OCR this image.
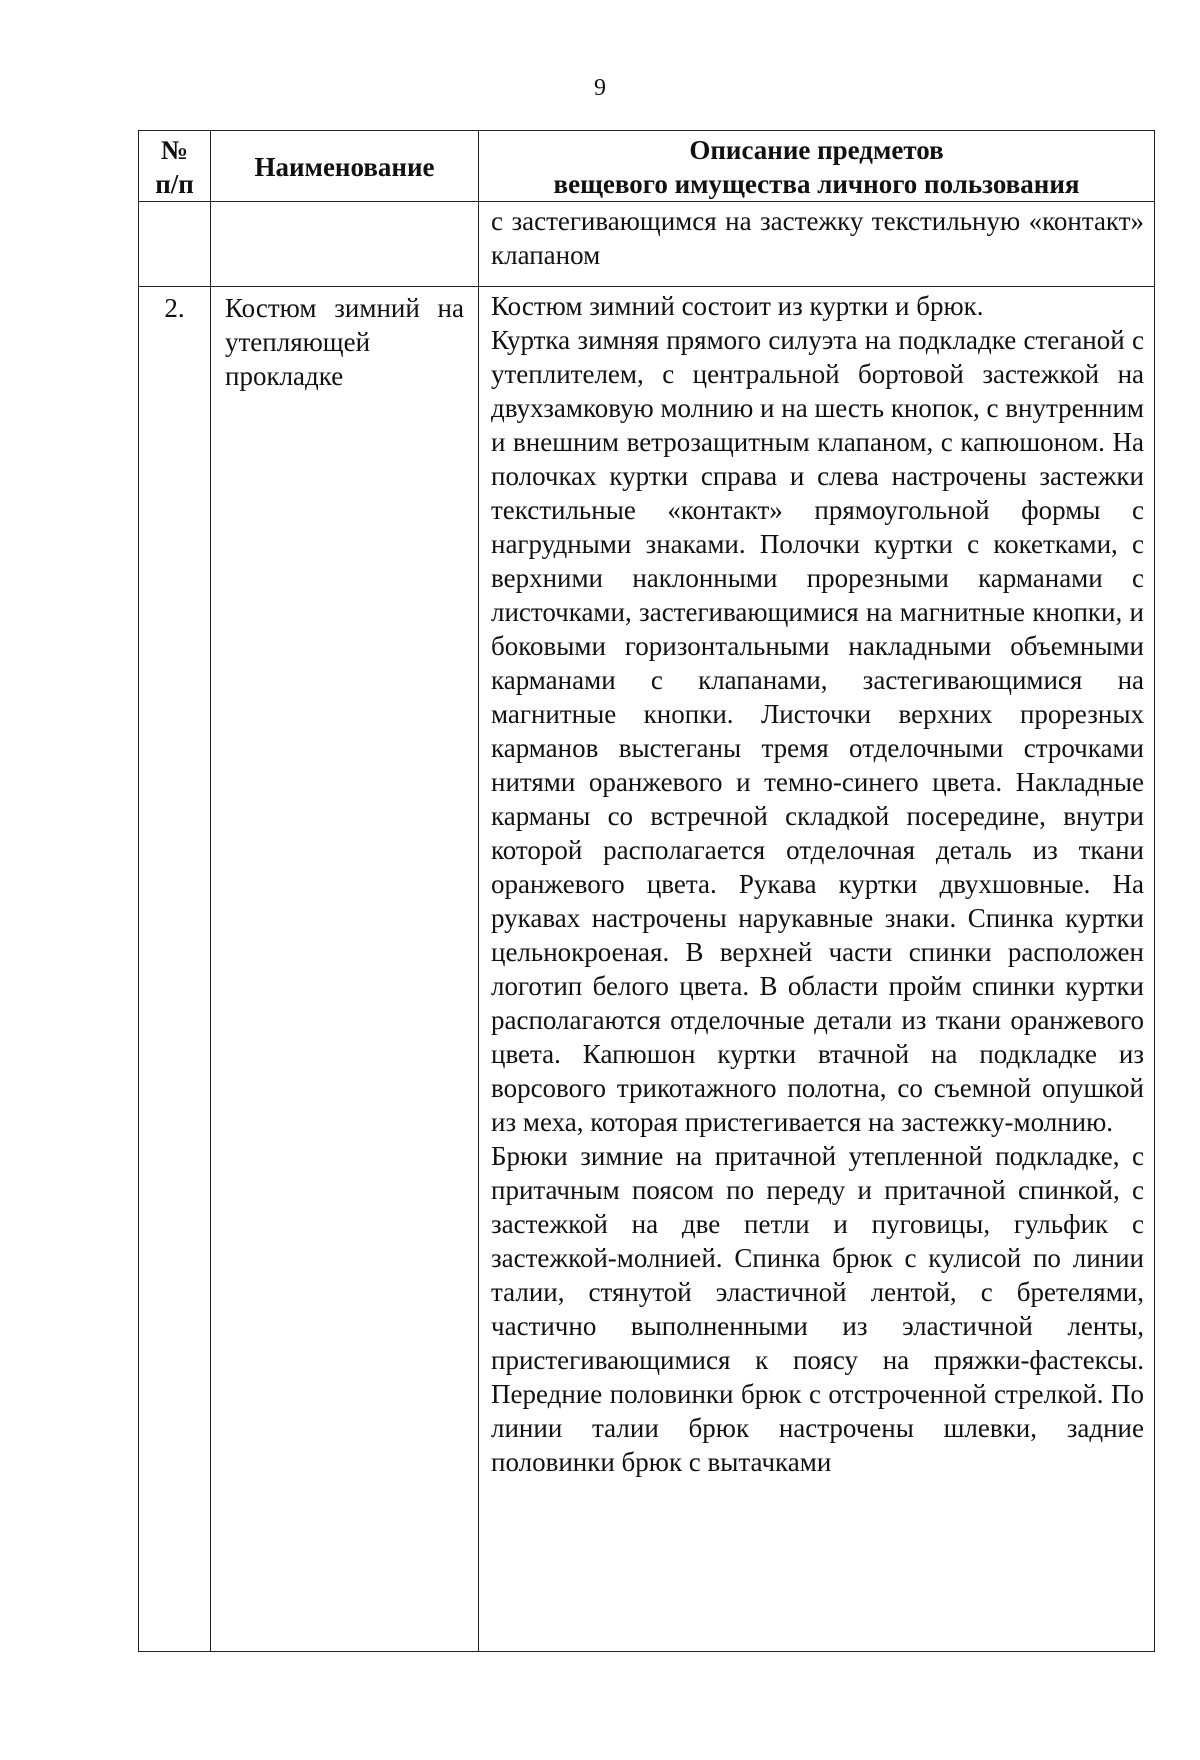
9
№
п/п	Наименование	Описание предметов
вещевого имущества личного пользования

		с застегивающимся на застежку текстильную «контакт» клапаном

2.	Костюм зимний на утепляющей прокладке	Костюм зимний состоит из куртки и брюк.

Куртка зимняя прямого силуэта на подкладке стеганой с утеплителем, с центральной бортовой застежкой на двухзамковую молнию и на шесть кнопок, с внутренним и внешним ветрозащитным клапаном, с капюшоном. На полочках куртки справа и слева настрочены застежки текстильные «контакт» прямоугольной формы с нагрудными знаками. Полочки куртки с кокетками, с верхними наклонными прорезными карманами с листочками, застегивающимися на магнитные кнопки, и боковыми горизонтальными накладными объемными карманами с клапанами, застегивающимися на магнитные кнопки. Листочки верхних прорезных карманов выстеганы тремя отделочными строчками нитями оранжевого и темно-синего цвета. Накладные карманы со встречной складкой посередине, внутри которой располагается отделочная деталь из ткани оранжевого цвета. Рукава куртки двухшовные. На рукавах настрочены нарукавные знаки. Спинка куртки цельнокроеная. В верхней части спинки расположен логотип белого цвета. В области пройм спинки куртки располагаются отделочные детали из ткани оранжевого цвета. Капюшон куртки втачной на подкладке из ворсового трикотажного полотна, со съемной опушкой из меха, которая пристегивается на застежку-молнию.

Брюки зимние на притачной утепленной подкладке, с притачным поясом по переду и притачной спинкой, с застежкой на две петли и пуговицы, гульфик с застежкой-молнией. Спинка брюк с кулисой по линии талии, стянутой эластичной лентой, с бретелями, частично выполненными из эластичной ленты, пристегивающимися к поясу на пряжки-фастексы. Передние половинки брюк с отстроченной стрелкой. По линии талии брюк настрочены шлевки, задние половинки брюк с вытачками
